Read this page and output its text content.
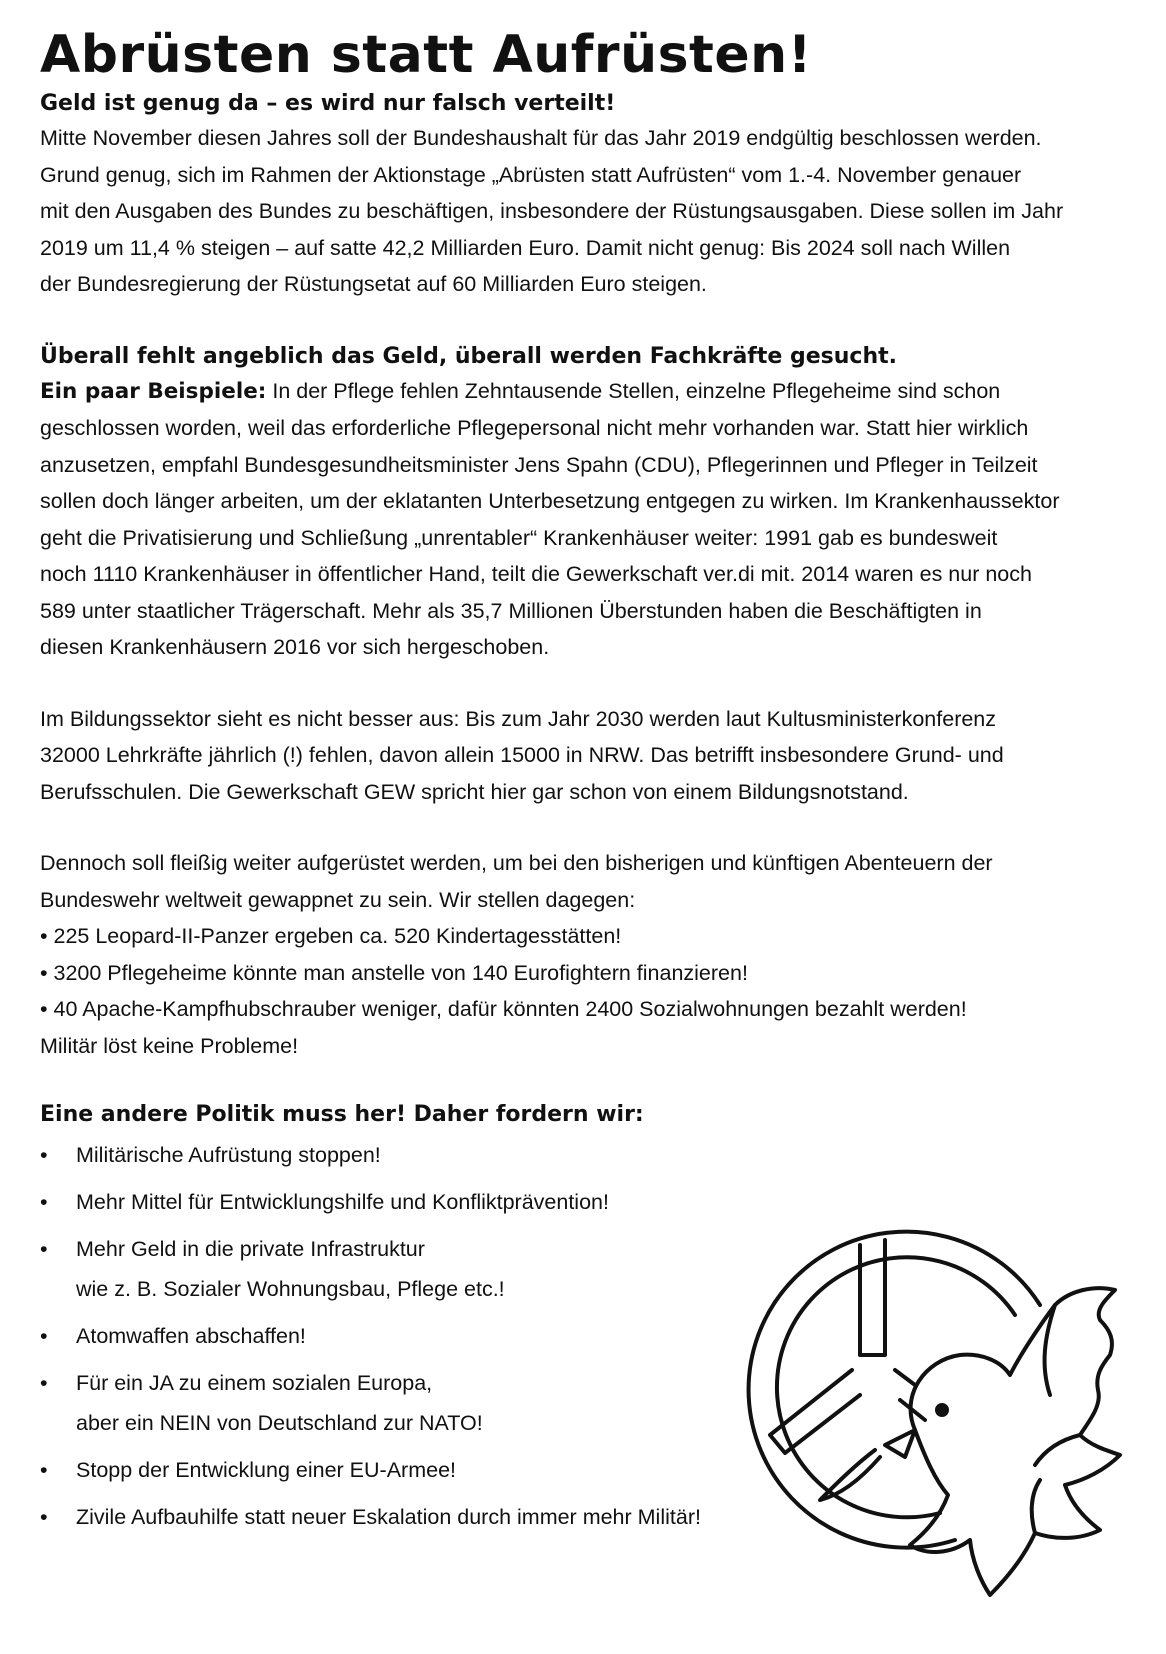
Abrüsten statt Aufrüsten!
Geld ist genug da – es wird nur falsch verteilt!

Mitte November diesen Jahres soll der Bundeshaushalt für das Jahr 2019 endgültig beschlossen werden.

Grund genug, sich im Rahmen der Aktionstage „Abrüsten statt Aufrüsten“ vom 1.-4. November genauer

mit den Ausgaben des Bundes zu beschäftigen, insbesondere der Rüstungsausgaben. Diese sollen im Jahr

2019 um 11,4 % steigen – auf satte 42,2 Milliarden Euro. Damit nicht genug: Bis 2024 soll nach Willen

der Bundesregierung der Rüstungsetat auf 60 Milliarden Euro steigen.

Überall fehlt angeblich das Geld, überall werden Fachkräfte gesucht.

Ein paar Beispiele: In der Pflege fehlen Zehntausende Stellen, einzelne Pflegeheime sind schon

geschlossen worden, weil das erforderliche Pflegepersonal nicht mehr vorhanden war. Statt hier wirklich

anzusetzen, empfahl Bundesgesundheitsminister Jens Spahn (CDU), Pflegerinnen und Pfleger in Teilzeit

sollen doch länger arbeiten, um der eklatanten Unterbesetzung entgegen zu wirken. Im Krankenhaussektor

geht die Privatisierung und Schließung „unrentabler“ Krankenhäuser weiter: 1991 gab es bundesweit

noch 1110 Krankenhäuser in öffentlicher Hand, teilt die Gewerkschaft ver.di mit. 2014 waren es nur noch

589 unter staatlicher Trägerschaft. Mehr als 35,7 Millionen Überstunden haben die Beschäftigten in

diesen Krankenhäusern 2016 vor sich hergeschoben.

Im Bildungssektor sieht es nicht besser aus: Bis zum Jahr 2030 werden laut Kultusministerkonferenz

32000 Lehrkräfte jährlich (!) fehlen, davon allein 15000 in NRW. Das betrifft insbesondere Grund- und

Berufsschulen. Die Gewerkschaft GEW spricht hier gar schon von einem Bildungsnotstand.

Dennoch soll fleißig weiter aufgerüstet werden, um bei den bisherigen und künftigen Abenteuern der

Bundeswehr weltweit gewappnet zu sein. Wir stellen dagegen:

• 225 Leopard-II-Panzer ergeben ca. 520 Kindertagesstätten!

• 3200 Pflegeheime könnte man anstelle von 140 Eurofightern finanzieren!

• 40 Apache-Kampfhubschrauber weniger, dafür könnten 2400 Sozialwohnungen bezahlt werden!

Militär löst keine Probleme!

Eine andere Politik muss her! Daher fordern wir:
• Militärische Aufrüstung stoppen!
• Mehr Mittel für Entwicklungshilfe und Konfliktprävention!
• Mehr Geld in die private Infrastruktur
wie z. B. Sozialer Wohnungsbau, Pflege etc.!
• Atomwaffen abschaffen!
• Für ein JA zu einem sozialen Europa,
aber ein NEIN von Deutschland zur NATO!
• Stopp der Entwicklung einer EU-Armee!
• Zivile Aufbauhilfe statt neuer Eskalation durch immer mehr Militär!
